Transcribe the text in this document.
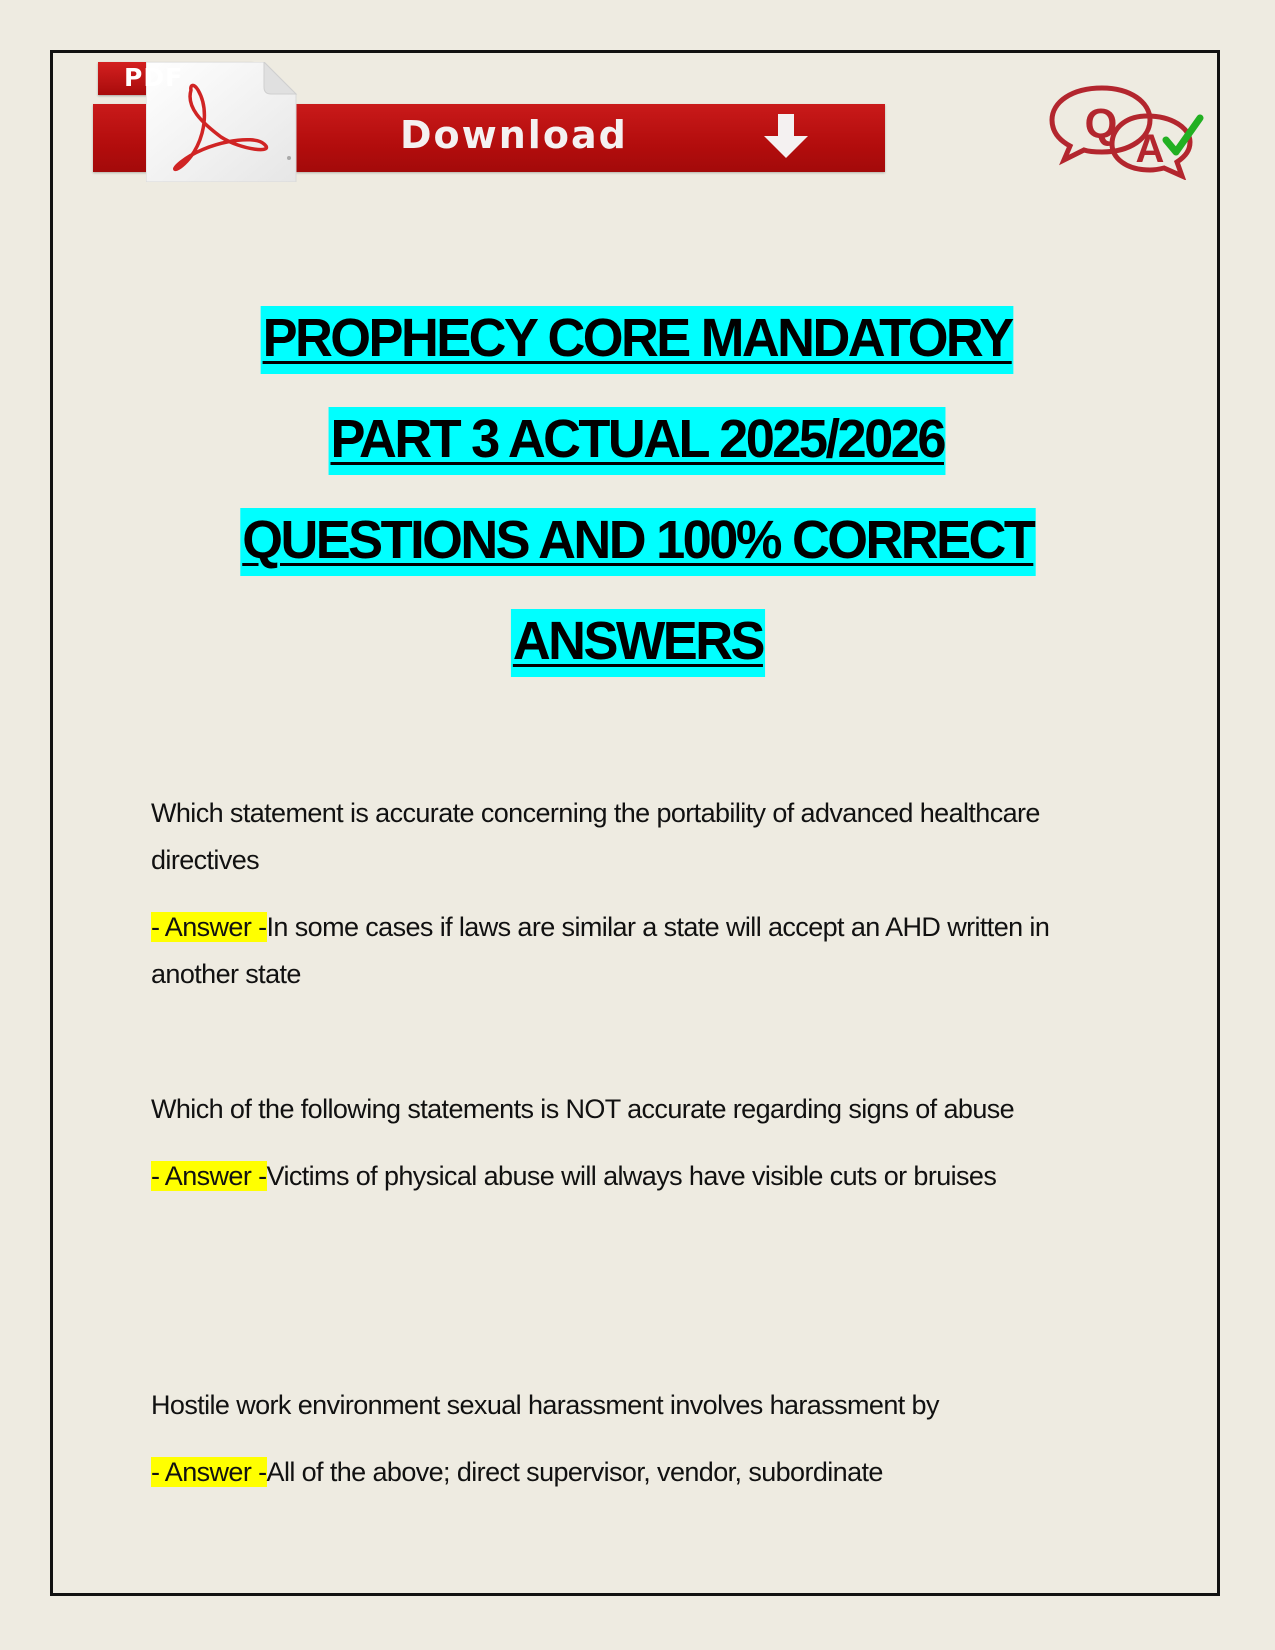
PDF
Download	Q
A
PROPHECY CORE MANDATORY
PART 3 ACTUAL 2025/2026
QUESTIONS AND 100% CORRECT
ANSWERS

Which statement is accurate concerning the portability of advanced healthcare directives

- Answer -In some cases if laws are similar a state will accept an AHD written in another state

Which of the following statements is NOT accurate regarding signs of abuse

- Answer -Victims of physical abuse will always have visible cuts or bruises

Hostile work environment sexual harassment involves harassment by

- Answer -All of the above; direct supervisor, vendor, subordinate
